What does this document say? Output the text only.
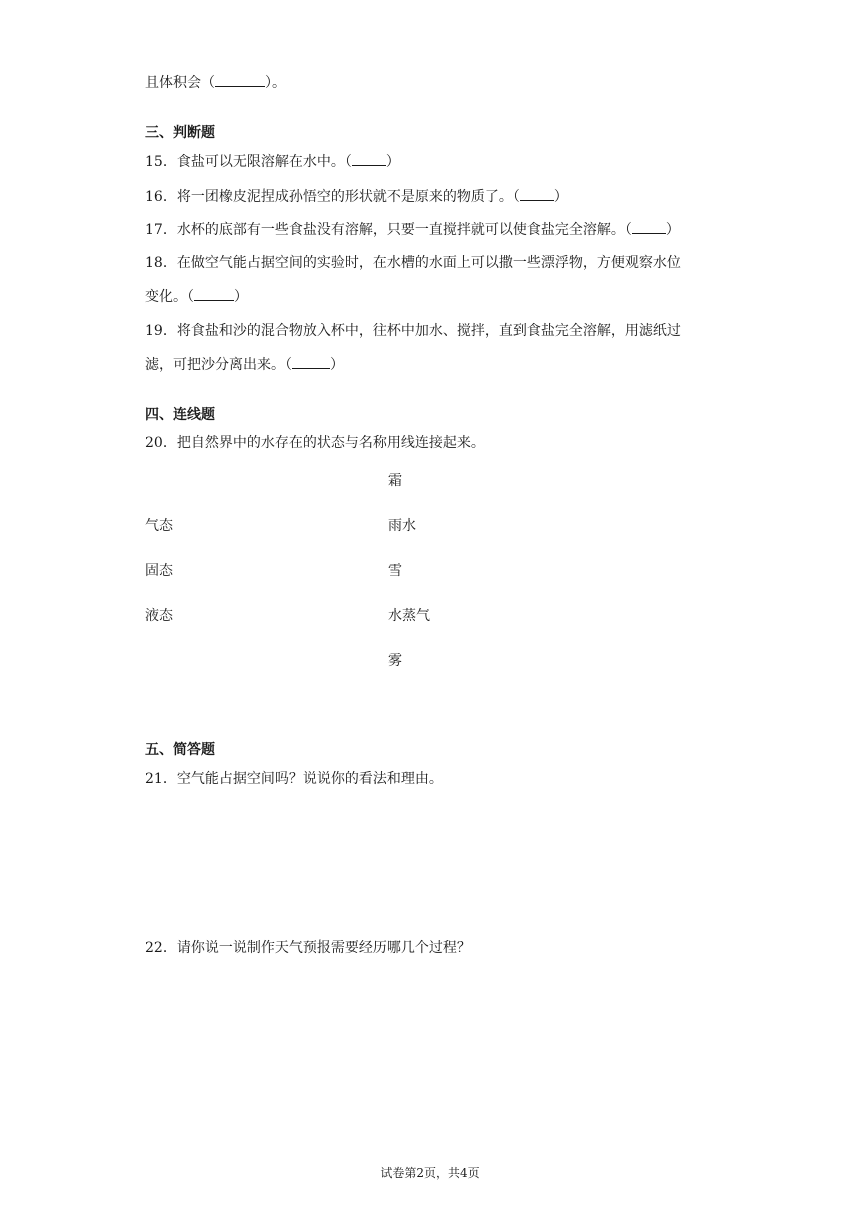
且体积会（	）。
三、判断题
15．食盐可以无限溶解在水中。（ ）
16．将一团橡皮泥捏成孙悟空的形状就不是原来的物质了。（ ）
17．水杯的底部有一些食盐没有溶解，只要一直搅拌就可以使食盐完全溶解。（ ）
18．在做空气能占据空间的实验时，在水槽的水面上可以撒一些漂浮物，方便观察水位
变化。（	）
19．将食盐和沙的混合物放入杯中，往杯中加水、搅拌，直到食盐完全溶解，用滤纸过
滤，可把沙分离出来。（	）
四、连线题
20．把自然界中的水存在的状态与名称用线连接起来。
气态
固态
液态
霜
雨水
雪
水蒸气
雾
五、简答题
21．空气能占据空间吗？说说你的看法和理由。
22．请你说一说制作天气预报需要经历哪几个过程？
试卷第2页，共4页
